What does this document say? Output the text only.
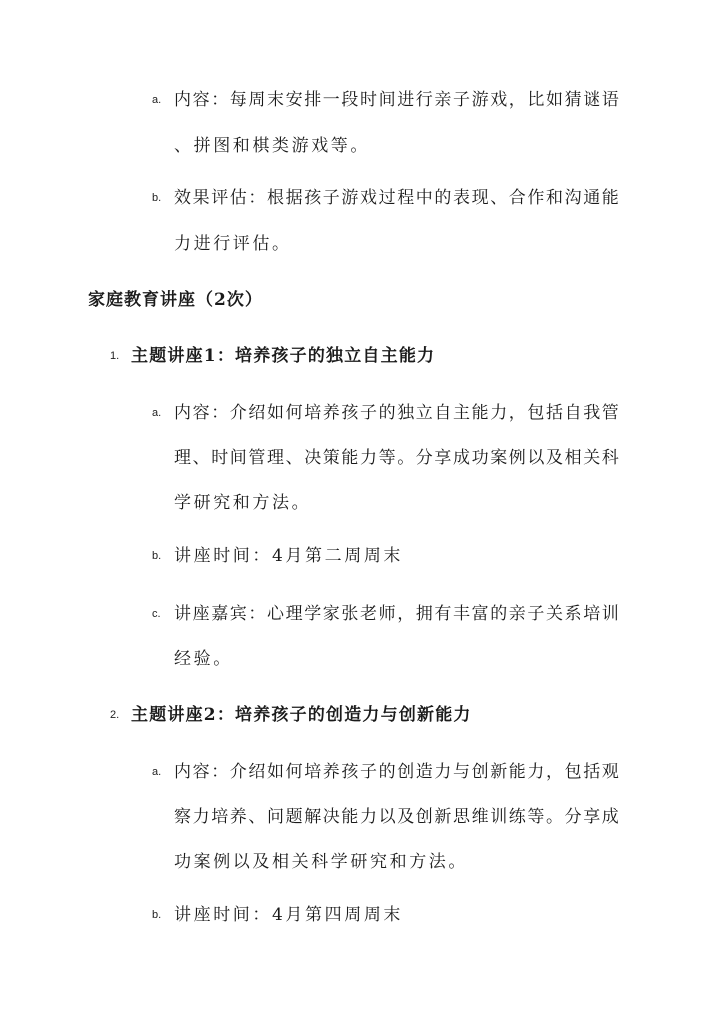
a. 内容：每周末安排一段时间进行亲子游戏，比如猜谜语
、拼图和棋类游戏等。
b. 效果评估：根据孩子游戏过程中的表现、合作和沟通能
力进行评估。
家庭教育讲座（2次）
1. 主题讲座1：培养孩子的独立自主能力
a. 内容：介绍如何培养孩子的独立自主能力，包括自我管
理、时间管理、决策能力等。分享成功案例以及相关科
学研究和方法。
b. 讲座时间：4月第二周周末
c. 讲座嘉宾：心理学家张老师，拥有丰富的亲子关系培训
经验。
2. 主题讲座2：培养孩子的创造力与创新能力
a. 内容：介绍如何培养孩子的创造力与创新能力，包括观
察力培养、问题解决能力以及创新思维训练等。分享成
功案例以及相关科学研究和方法。
b. 讲座时间：4月第四周周末
